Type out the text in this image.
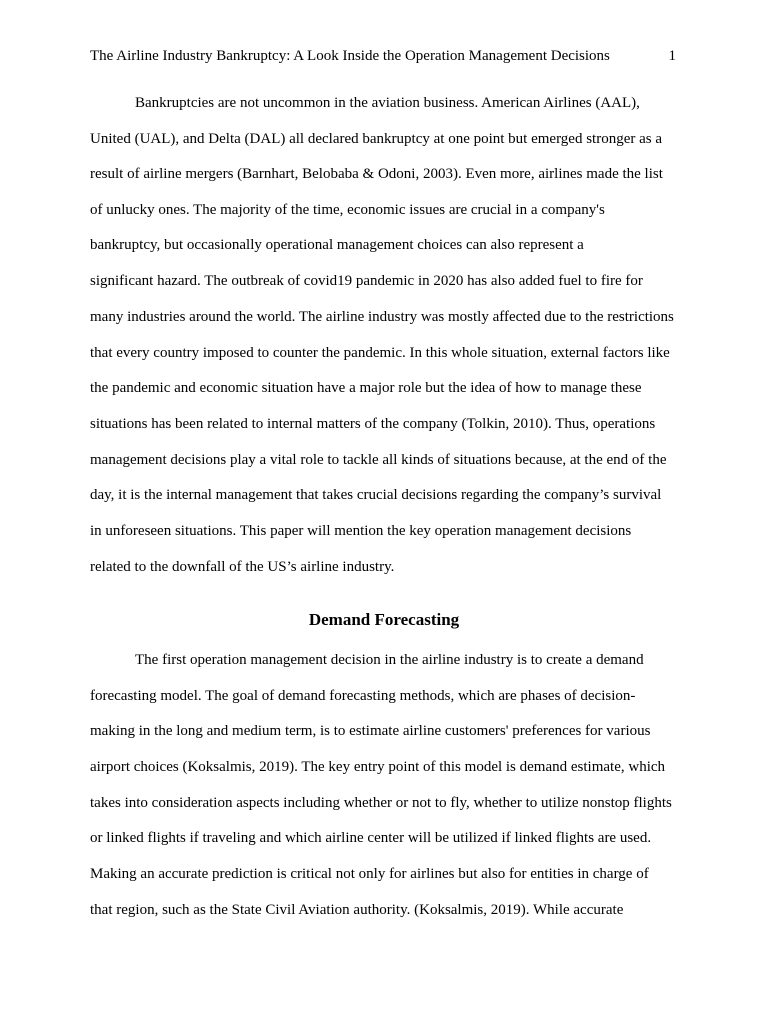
The Airline Industry Bankruptcy: A Look Inside the Operation Management Decisions	1
Bankruptcies are not uncommon in the aviation business. American Airlines (AAL),
United (UAL), and Delta (DAL) all declared bankruptcy at one point but emerged stronger as a
result of airline mergers (Barnhart, Belobaba & Odoni, 2003). Even more, airlines made the list
of unlucky ones. The majority of the time, economic issues are crucial in a company's
bankruptcy, but occasionally operational management choices can also represent a
significant hazard. The outbreak of covid19 pandemic in 2020 has also added fuel to fire for
many industries around the world. The airline industry was mostly affected due to the restrictions
that every country imposed to counter the pandemic. In this whole situation, external factors like
the pandemic and economic situation have a major role but the idea of how to manage these
situations has been related to internal matters of the company (Tolkin, 2010). Thus, operations
management decisions play a vital role to tackle all kinds of situations because, at the end of the
day, it is the internal management that takes crucial decisions regarding the company’s survival
in unforeseen situations. This paper will mention the key operation management decisions
related to the downfall of the US’s airline industry.
Demand Forecasting
The first operation management decision in the airline industry is to create a demand
forecasting model. The goal of demand forecasting methods, which are phases of decision-
making in the long and medium term, is to estimate airline customers' preferences for various
airport choices (Koksalmis, 2019). The key entry point of this model is demand estimate, which
takes into consideration aspects including whether or not to fly, whether to utilize nonstop flights
or linked flights if traveling and which airline center will be utilized if linked flights are used.
Making an accurate prediction is critical not only for airlines but also for entities in charge of
that region, such as the State Civil Aviation authority. (Koksalmis, 2019). While accurate
